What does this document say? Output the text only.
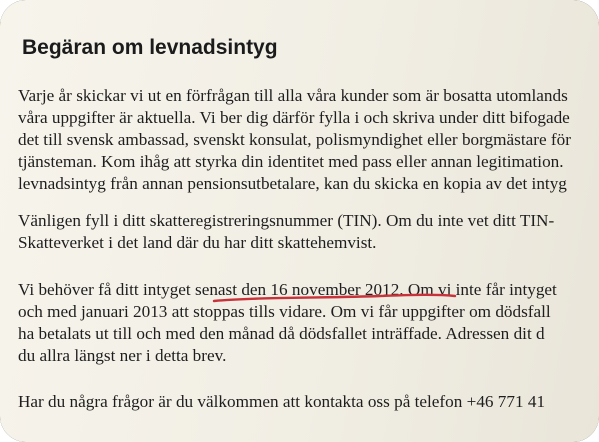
Begäran om levnadsintyg
Varje år skickar vi ut en förfrågan till alla våra kunder som är bosatta utomlands
våra uppgifter är aktuella. Vi ber dig därför fylla i och skriva under ditt bifogade
det till svensk ambassad, svenskt konsulat, polismyndighet eller borgmästare för
tjänsteman. Kom ihåg att styrka din identitet med pass eller annan legitimation.
levnadsintyg från annan pensionsutbetalare, kan du skicka en kopia av det intyg
Vänligen fyll i ditt skatteregistreringsnummer (TIN). Om du inte vet ditt TIN-
Skatteverket i det land där du har ditt skattehemvist.
Vi behöver få ditt intyget senast den 16 november 2012. Om vi inte får intyget
och med januari 2013 att stoppas tills vidare. Om vi får uppgifter om dödsfall
ha betalats ut till och med den månad då dödsfallet inträffade. Adressen dit d
du allra längst ner i detta brev.
Har du några frågor är du välkommen att kontakta oss på telefon +46 771 41
